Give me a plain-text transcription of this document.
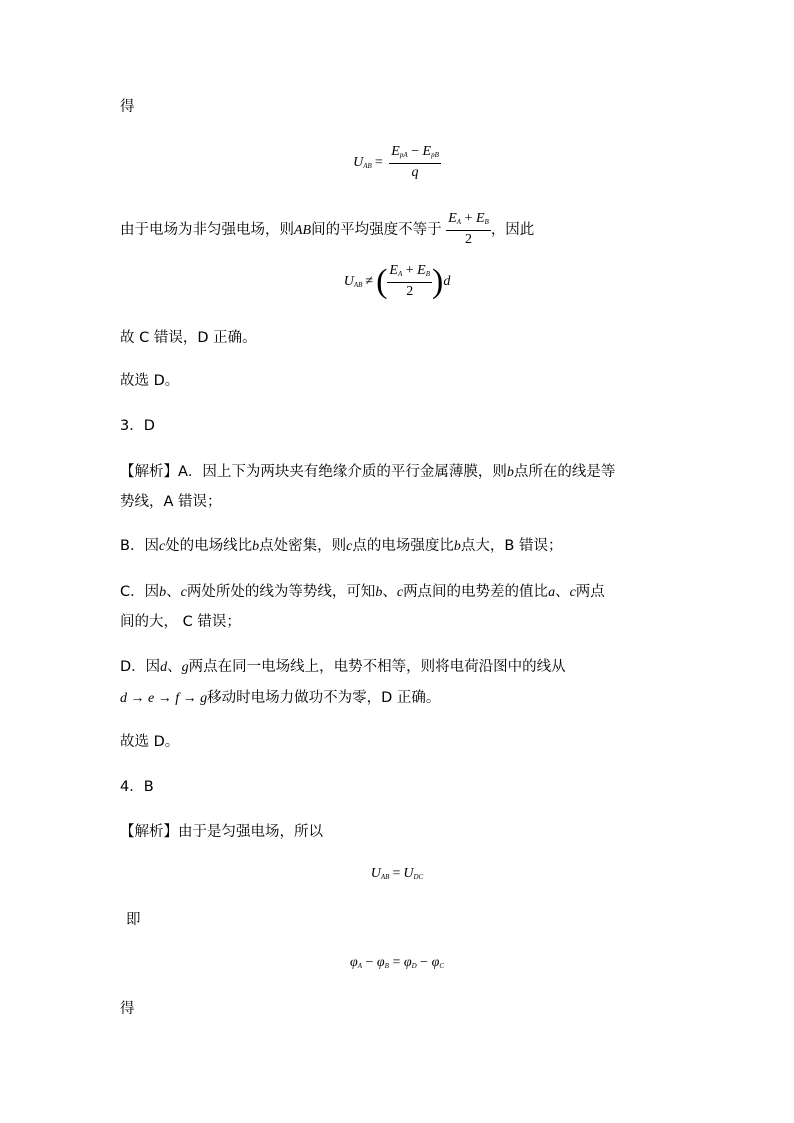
得
$U_{AB} = \frac{E_{pA} - E_{pB}}{q}$
由于电场为非匀强电场，则AB间的平均强度不等于 $\frac{E_A + E_B}{2}$ ，因此
$U_{AB}$ ≠( $\frac{E_A + E_B}{2} )d$
故 C 错误，D 正确。
故选 D。
3．D
【解析】A．因上下为两块夹有绝缘介质的平行金属薄膜，则b点所在的线是等
势线，A 错误；
B．因c处的电场线比b点处密集，则c点的电场强度比b点大，B 错误；
C．因b、c两处所处的线为等势线，可知b、c两点间的电势差的值比a、c两点
间的大， C 错误；
D．因d、g两点在同一电场线上，电势不相等，则将电荷沿图中的线从
d → e → f → g移动时电场力做功不为零，D 正确。
故选 D。
4．B
【解析】由于是匀强电场，所以
$U_{AB} = U_{DC}$
即
$\varphi_A - \varphi_B = \varphi_D - \varphi_C$
得
